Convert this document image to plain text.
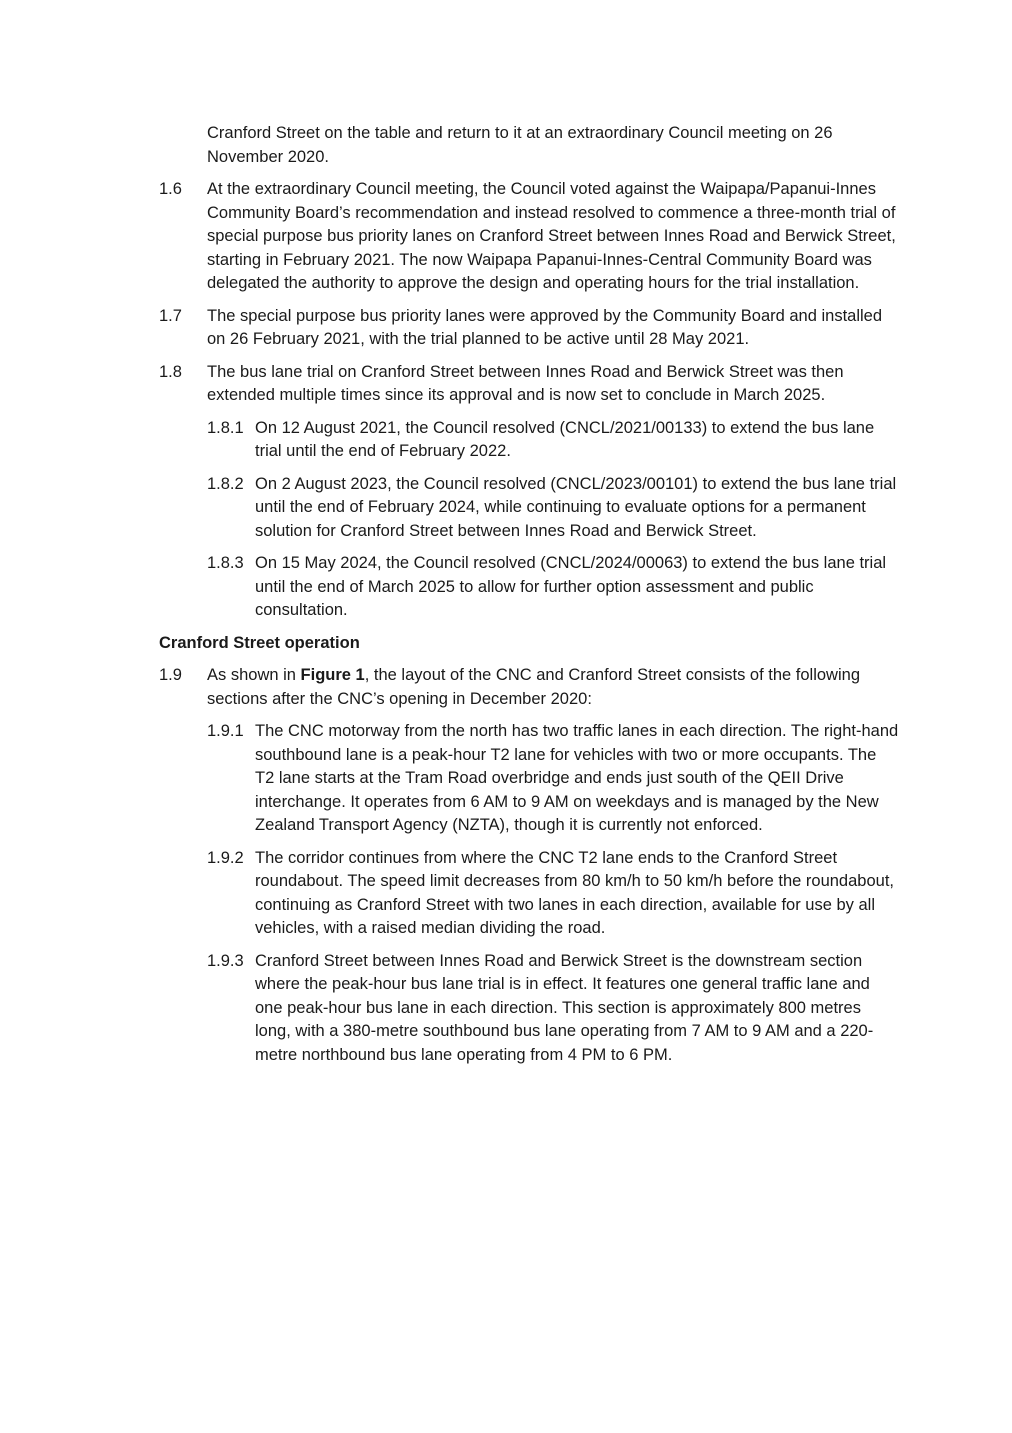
Cranford Street on the table and return to it at an extraordinary Council meeting on 26 November 2020.
1.6	At the extraordinary Council meeting, the Council voted against the Waipapa/Papanui-Innes Community Board’s recommendation and instead resolved to commence a three-month trial of special purpose bus priority lanes on Cranford Street between Innes Road and Berwick Street, starting in February 2021. The now Waipapa Papanui-Innes-Central Community Board was delegated the authority to approve the design and operating hours for the trial installation.
1.7	The special purpose bus priority lanes were approved by the Community Board and installed on 26 February 2021, with the trial planned to be active until 28 May 2021.
1.8	The bus lane trial on Cranford Street between Innes Road and Berwick Street was then extended multiple times since its approval and is now set to conclude in March 2025.
1.8.1 On 12 August 2021, the Council resolved (CNCL/2021/00133) to extend the bus lane trial until the end of February 2022.
1.8.2 On 2 August 2023, the Council resolved (CNCL/2023/00101) to extend the bus lane trial until the end of February 2024, while continuing to evaluate options for a permanent solution for Cranford Street between Innes Road and Berwick Street.
1.8.3 On 15 May 2024, the Council resolved (CNCL/2024/00063) to extend the bus lane trial until the end of March 2025 to allow for further option assessment and public consultation.
Cranford Street operation
1.9	As shown in Figure 1, the layout of the CNC and Cranford Street consists of the following sections after the CNC’s opening in December 2020:
1.9.1 The CNC motorway from the north has two traffic lanes in each direction. The right-hand southbound lane is a peak-hour T2 lane for vehicles with two or more occupants. The T2 lane starts at the Tram Road overbridge and ends just south of the QEII Drive interchange. It operates from 6 AM to 9 AM on weekdays and is managed by the New Zealand Transport Agency (NZTA), though it is currently not enforced.
1.9.2 The corridor continues from where the CNC T2 lane ends to the Cranford Street roundabout. The speed limit decreases from 80 km/h to 50 km/h before the roundabout, continuing as Cranford Street with two lanes in each direction, available for use by all vehicles, with a raised median dividing the road.
1.9.3 Cranford Street between Innes Road and Berwick Street is the downstream section where the peak-hour bus lane trial is in effect. It features one general traffic lane and one peak-hour bus lane in each direction. This section is approximately 800 metres long, with a 380-metre southbound bus lane operating from 7 AM to 9 AM and a 220-metre northbound bus lane operating from 4 PM to 6 PM.
